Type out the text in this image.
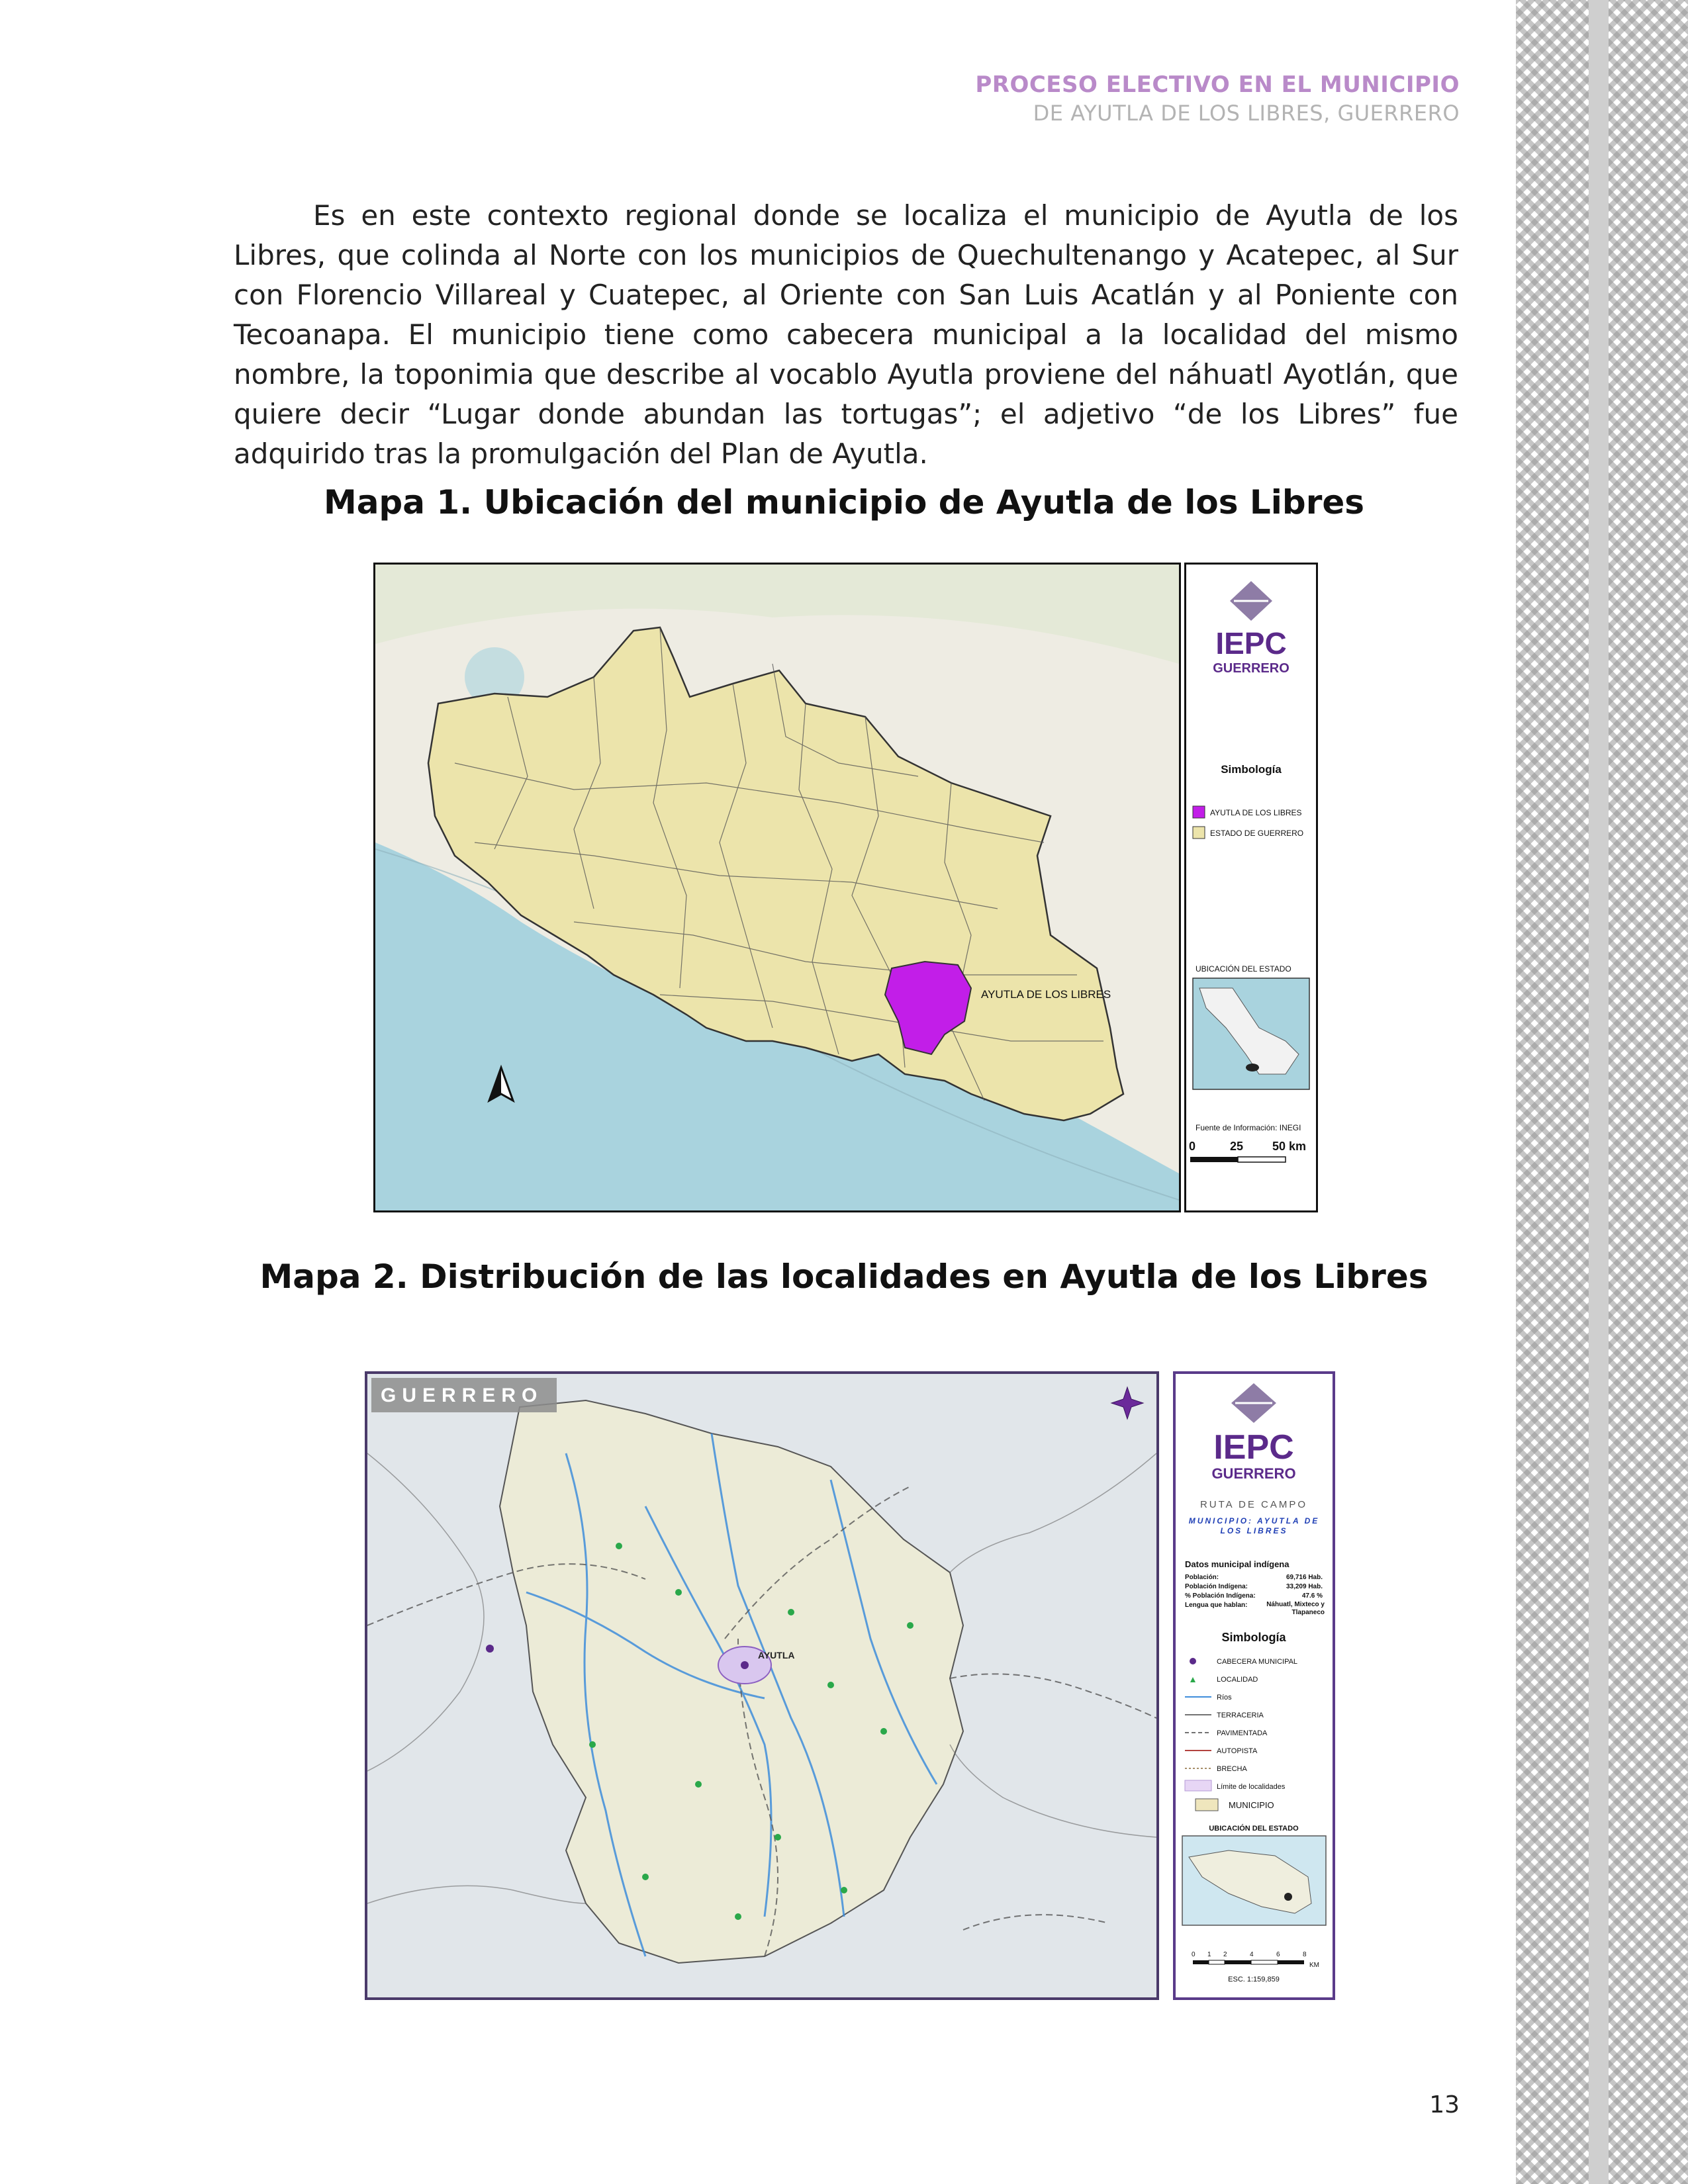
PROCESO ELECTIVO EN EL MUNICIPIO
DE AYUTLA DE LOS LIBRES, GUERRERO

Es en este contexto regional donde se localiza el municipio de Ayutla de los Libres, que colinda al Norte con los municipios de Quechultenango y Acatepec, al Sur con Florencio Villareal y Cuatepec, al Oriente con San Luis Acatlán y al Poniente con Tecoanapa. El municipio tiene como cabecera municipal a la localidad del mismo nombre, la toponimia que describe al vocablo Ayutla proviene del náhuatl Ayotlán, que quiere decir “Lugar donde abundan las tortugas”; el adjetivo “de los Libres” fue adquirido tras la promulgación del Plan de Ayutla.

Mapa 1. Ubicación del municipio de Ayutla de los Libres
AYUTLA DE LOS LIBRES
IEPC
GUERRERO
Simbología
AYUTLA DE LOS LIBRES
ESTADO DE GUERRERO
UBICACIÓN DEL ESTADO
Fuente de Información: INEGI
0	25 50 km
Mapa 2. Distribución de las localidades en Ayutla de los Libres
AYUTLA
GUERRERO
IEPC
GUERRERO
RUTA DE CAMPO
MUNICIPIO: AYUTLA DE LOS LIBRES
Datos municipal indígena
Población:	69,716 Hab.
Población Indígena:	33,209 Hab.
% Población Indígena:	47.6 %
Lengua que hablan:	Náhuatl, Mixteco y Tlapaneco
Simbología
CABECERA MUNICIPAL
LOCALIDAD
Ríos
TERRACERIA
PAVIMENTADA
AUTOPISTA
BRECHA
Límite de localidades
MUNICIPIO
UBICACIÓN DEL ESTADO
0 1 2	4	6	8
KM
ESC. 1:159,859
13
